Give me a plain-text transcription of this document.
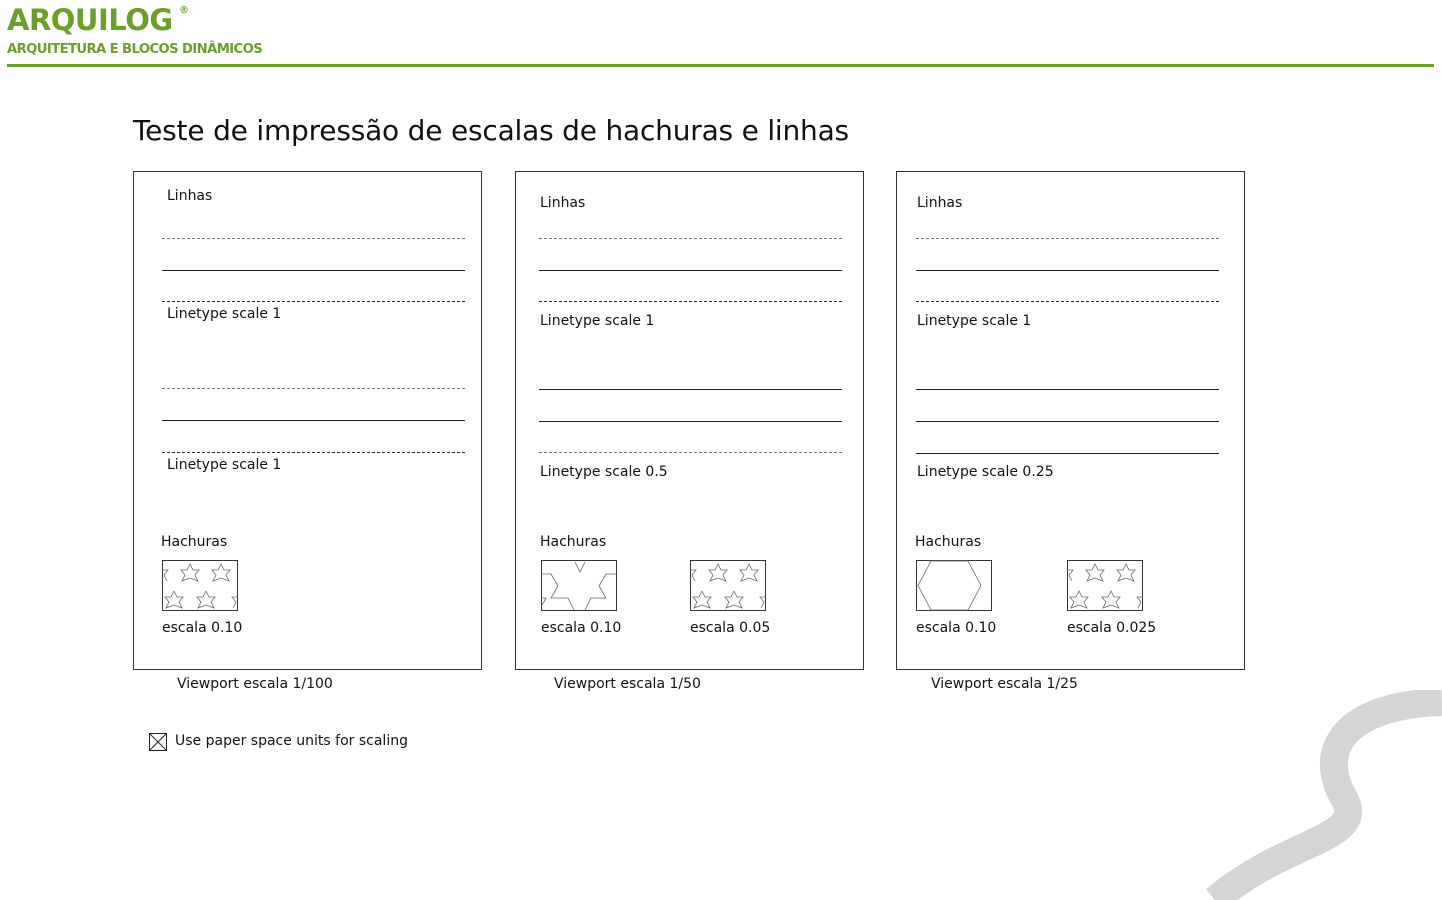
ARQUILOG ®
ARQUITETURA E BLOCOS DINÂMICOS
Teste de impressão de escalas de hachuras e linhas
Linhas
Linetype scale 1
Linetype scale 1
Hachuras
escala 0.10
Viewport escala 1/100
Linhas
Linetype scale 1
Linetype scale 0.5
Hachuras
escala 0.10	escala 0.05
Viewport escala 1/50
Linhas
Linetype scale 1
Linetype scale 0.25
Hachuras
escala 0.10	escala 0.025
Viewport escala 1/25
Use paper space units for scaling
